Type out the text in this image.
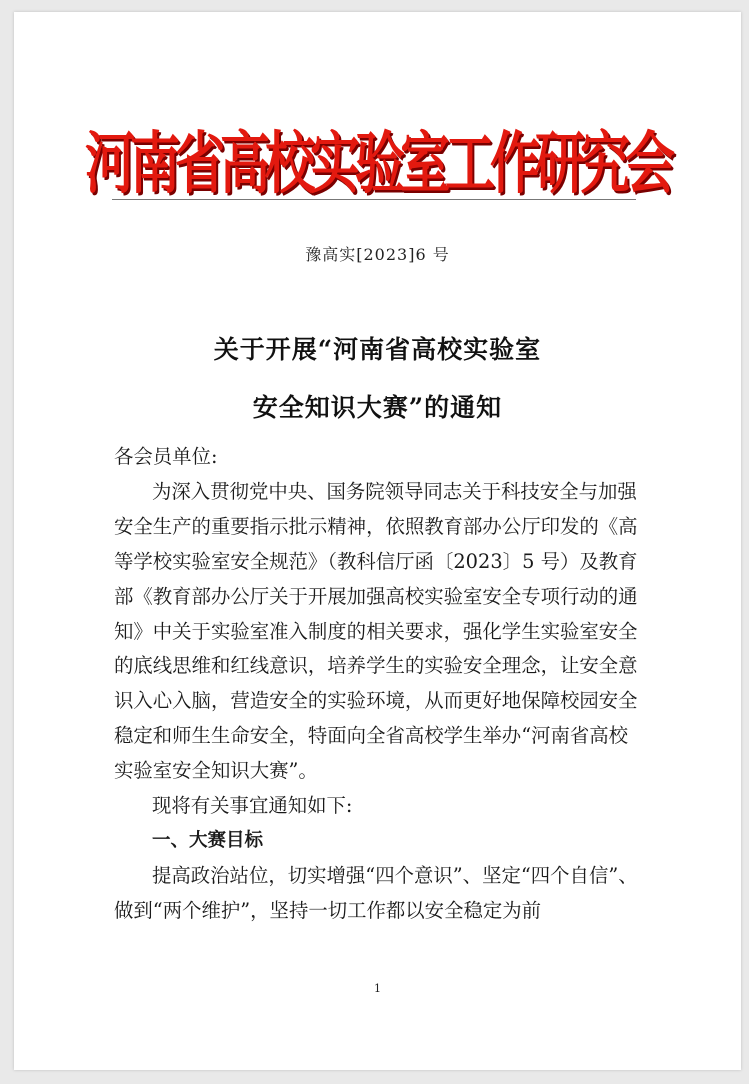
河南省高校实验室工作研究会
豫高实[2023]6 号
关于开展“河南省高校实验室
安全知识大赛”的通知

各会员单位:

为深入贯彻党中央、国务院领导同志关于科技安全与加强安全生产的重要指示批示精神，依照教育部办公厅印发的《高等学校实验室安全规范》（教科信厅函〔2023〕5 号）及教育部《教育部办公厅关于开展加强高校实验室安全专项行动的通知》中关于实验室准入制度的相关要求，强化学生实验室安全的底线思维和红线意识，培养学生的实验安全理念，让安全意识入心入脑，营造安全的实验环境，从而更好地保障校园安全稳定和师生生命安全，特面向全省高校学生举办“河南省高校实验室安全知识大赛”。

现将有关事宜通知如下:

一、大赛目标

提高政治站位，切实增强“四个意识”、坚定“四个自信”、做到“两个维护”，坚持一切工作都以安全稳定为前

1
